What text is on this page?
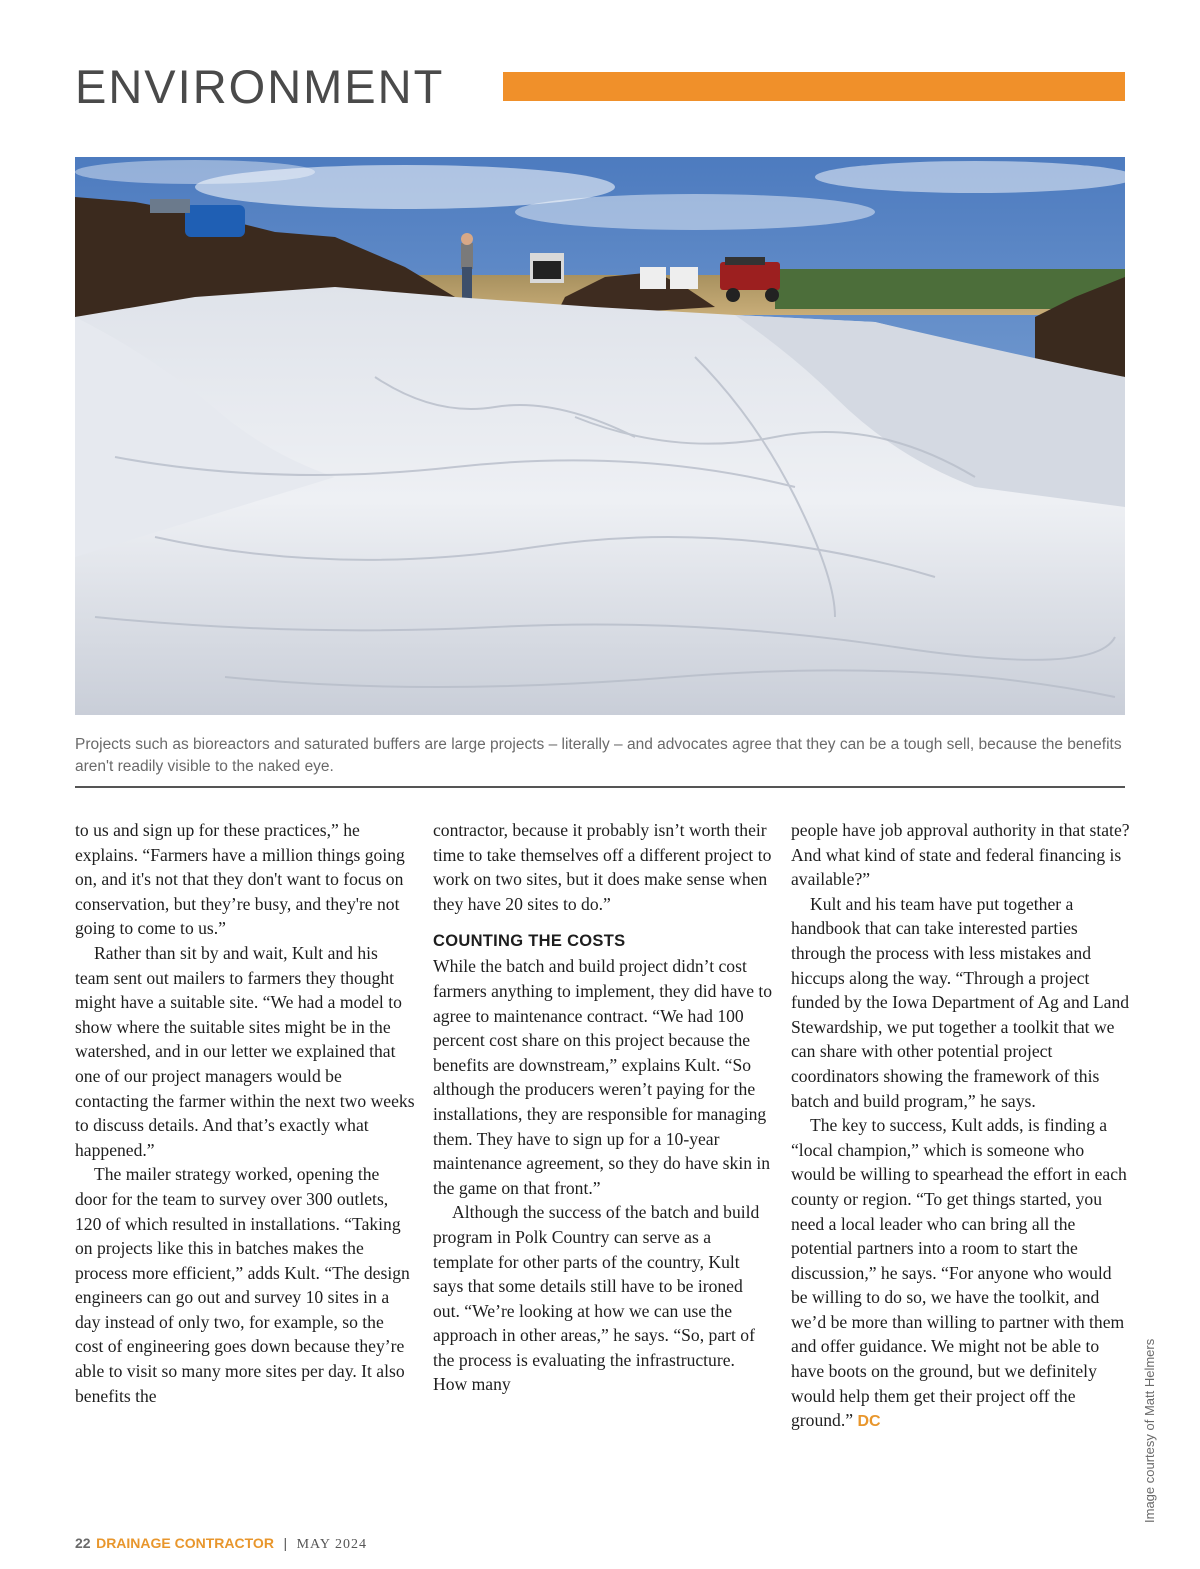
ENVIRONMENT

Projects such as bioreactors and saturated buffers are large projects – literally – and advocates agree that they can be a tough sell, because the benefits aren't readily visible to the naked eye.

to us and sign up for these practices,” he explains. “Farmers have a million things going on, and it's not that they don't want to focus on conservation, but they’re busy, and they're not going to come to us.”

Rather than sit by and wait, Kult and his team sent out mailers to farmers they thought might have a suitable site. “We had a model to show where the suitable sites might be in the watershed, and in our letter we explained that one of our project managers would be contacting the farmer within the next two weeks to discuss details. And that’s exactly what happened.”

The mailer strategy worked, opening the door for the team to survey over 300 outlets, 120 of which resulted in installations. “Taking on projects like this in batches makes the process more efficient,” adds Kult. “The design engineers can go out and survey 10 sites in a day instead of only two, for example, so the cost of engineering goes down because they’re able to visit so many more sites per day. It also benefits the

contractor, because it probably isn’t worth their time to take themselves off a different project to work on two sites, but it does make sense when they have 20 sites to do.”

COUNTING THE COSTS

While the batch and build project didn’t cost farmers anything to implement, they did have to agree to maintenance contract. “We had 100 percent cost share on this project because the benefits are downstream,” explains Kult. “So although the producers weren’t paying for the installations, they are responsible for managing them. They have to sign up for a 10-year maintenance agreement, so they do have skin in the game on that front.”

Although the success of the batch and build program in Polk Country can serve as a template for other parts of the country, Kult says that some details still have to be ironed out. “We’re looking at how we can use the approach in other areas,” he says. “So, part of the process is evaluating the infrastructure. How many

people have job approval authority in that state? And what kind of state and federal financing is available?”

Kult and his team have put together a handbook that can take interested parties through the process with less mistakes and hiccups along the way. “Through a project funded by the Iowa Department of Ag and Land Stewardship, we put together a toolkit that we can share with other potential project coordinators showing the framework of this batch and build program,” he says.

The key to success, Kult adds, is finding a “local champion,” which is someone who would be willing to spearhead the effort in each county or region. “To get things started, you need a local leader who can bring all the potential partners into a room to start the discussion,” he says. “For anyone who would be willing to do so, we have the toolkit, and we’d be more than willing to partner with them and offer guidance. We might not be able to have boots on the ground, but we definitely would help them get their project off the ground.” DC	Image courtesy of Matt Helmers
22 DRAINAGE CONTRACTOR | MAY 2024
